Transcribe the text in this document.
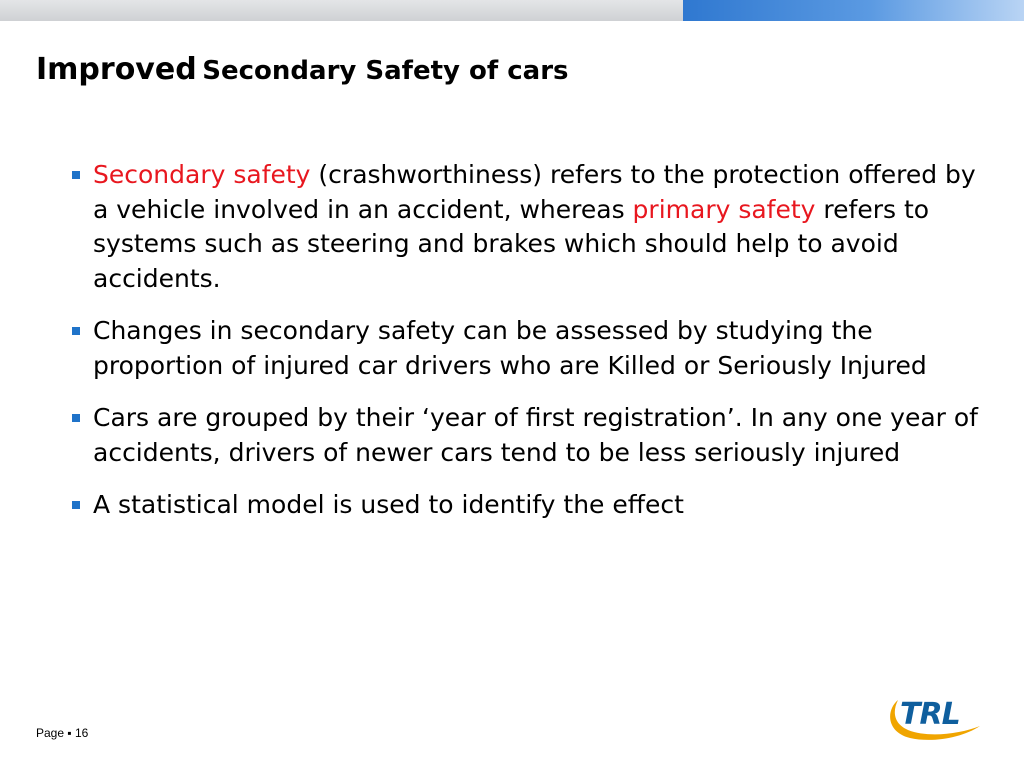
Improved Secondary Safety of cars
Secondary safety (crashworthiness) refers to the protection offered by a vehicle involved in an accident, whereas primary safety refers to systems such as steering and brakes which should help to avoid accidents.
Changes in secondary safety can be assessed by studying the proportion of injured car drivers who are Killed or Seriously Injured
Cars are grouped by their ‘year of first registration’. In any one year of accidents, drivers of newer cars tend to be less seriously injured
A statistical model is used to identify the effect
Page ▪ 16
TRL
